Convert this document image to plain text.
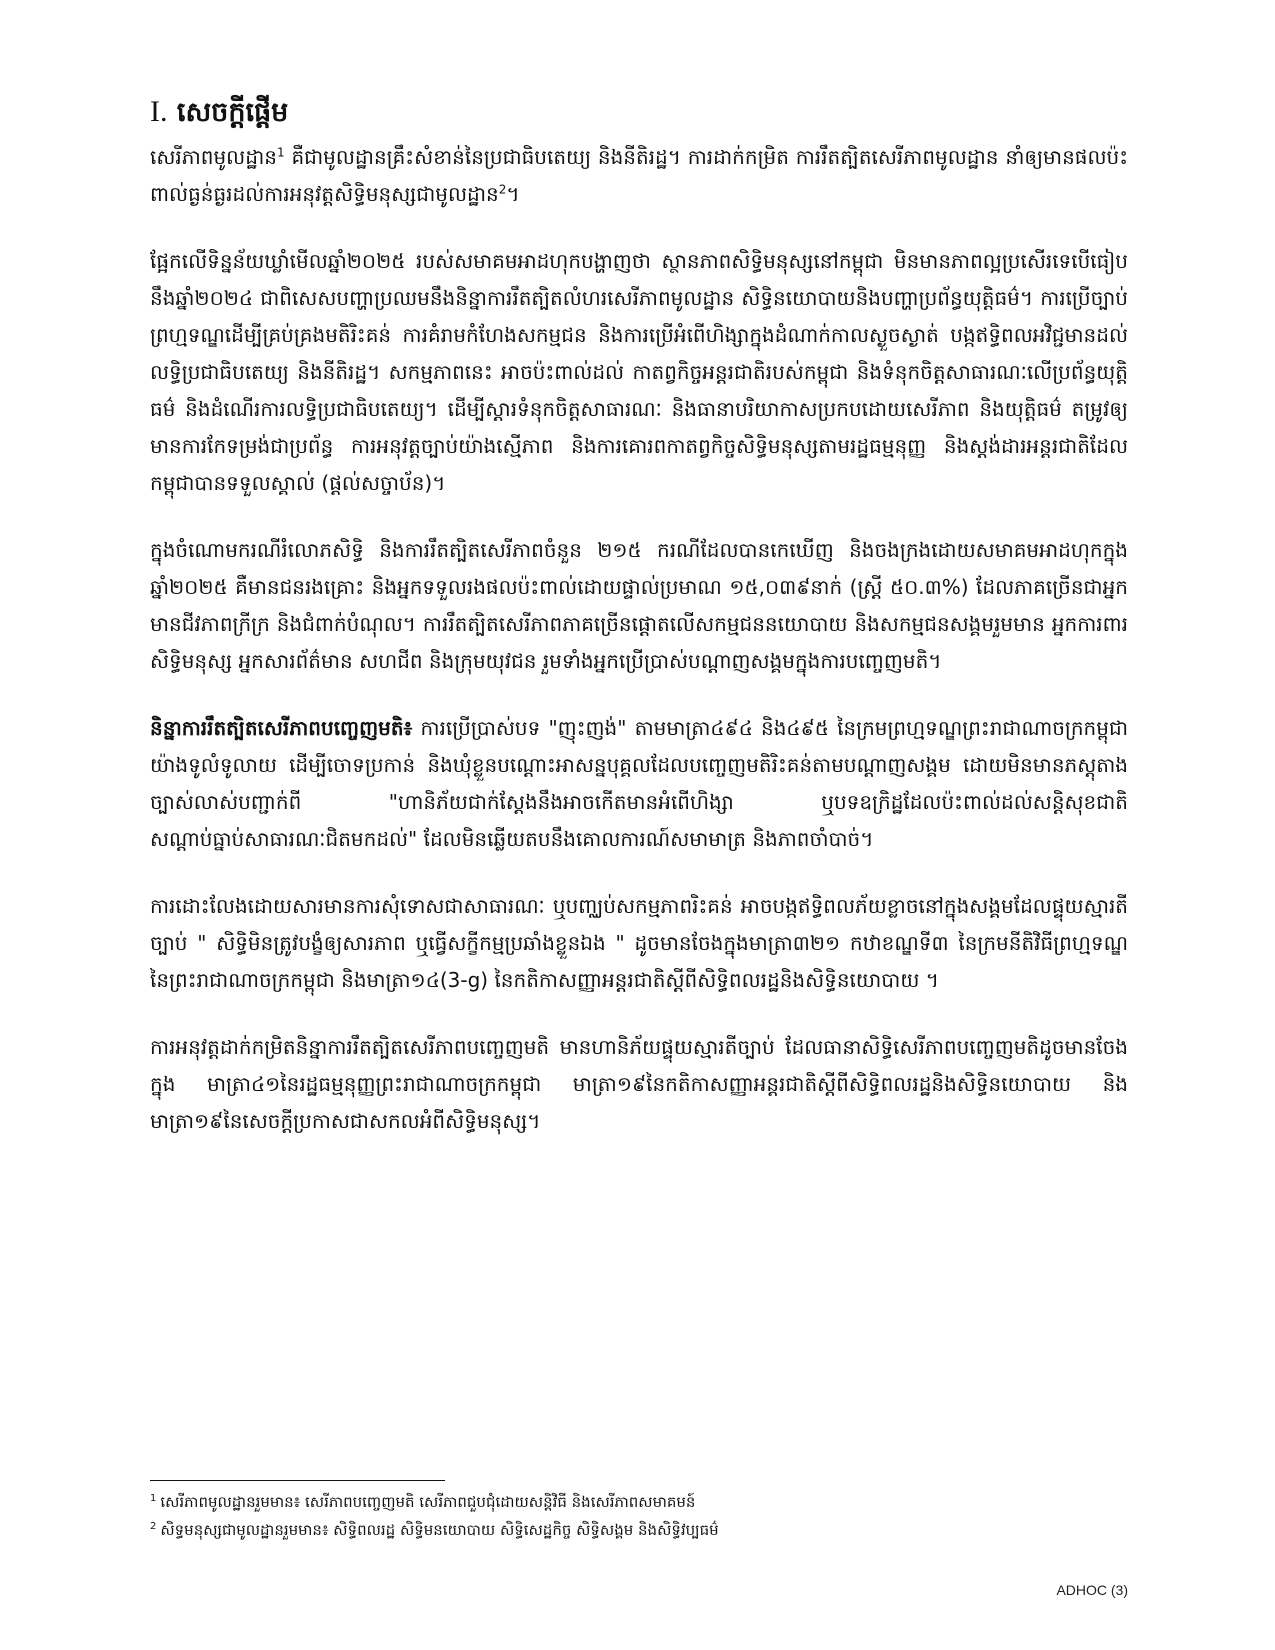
I. សេចក្តីផ្តើម

សេរីភាពមូលដ្ឋាន$^1$ គឺជាមូលដ្ឋានគ្រឹះសំខាន់នៃប្រជាធិបតេយ្យ និងនីតិរដ្ឋ។ ការដាក់កម្រិត ការរឹតត្បិតសេរីភាពមូលដ្ឋាន នាំឲ្យមានផលប៉ះពាល់ធ្ងន់ធ្ងរដល់ការអនុវត្តសិទ្ធិមនុស្សជាមូលដ្ឋាន$^2$។

ផ្អែកលើទិន្នន័យឃ្លាំមើលឆ្នាំ២០២៥ របស់សមាគមអាដហុកបង្ហាញថា ស្ថានភាពសិទ្ធិមនុស្សនៅកម្ពុជា មិនមានភាពល្អប្រសើរទេបើធៀបនឹងឆ្នាំ២០២៤ ជាពិសេសបញ្ហាប្រឈមនឹងនិន្នាការរឹតត្បិតលំហរសេរីភាពមូលដ្ឋាន សិទ្ធិនយោបាយនិងបញ្ហាប្រព័ន្ធយុត្តិធម៌។ ការប្រើច្បាប់ព្រហ្មទណ្ឌដើម្បីគ្រប់គ្រងមតិរិះគន់ ការគំរាមកំហែងសកម្មជន និងការប្រើអំពើហិង្សាក្នុងដំណាក់កាលស្ងួចស្ងាត់ បង្កឥទ្ធិពលអវិជ្ជមានដល់លទ្ធិប្រជាធិបតេយ្យ និងនីតិរដ្ឋ។ សកម្មភាពនេះ អាចប៉ះពាល់ដល់ កាតព្វកិច្ចអន្តរជាតិរបស់កម្ពុជា និងទំនុកចិត្តសាធារណៈលើប្រព័ន្ធយុត្តិធម៌ និងដំណើរការលទ្ធិប្រជាធិបតេយ្យ។ ដើម្បីស្តារទំនុកចិត្តសាធារណៈ និងធានាបរិយាកាសប្រកបដោយសេរីភាព និងយុត្តិធម៌ តម្រូវឲ្យមានការកែទម្រង់ជាប្រព័ន្ធ ការអនុវត្តច្បាប់យ៉ាងស្មើភាព និងការគោរពកាតព្វកិច្ចសិទ្ធិមនុស្សតាមរដ្ឋធម្មនុញ្ញ និងស្តង់ដារអន្តរជាតិដែលកម្ពុជាបានទទួលស្គាល់ (ផ្តល់សច្ចាប័ន)។

ក្នុងចំណោមករណីរំលោភសិទ្ធិ និងការរឹតត្បិតសេរីភាពចំនួន ២១៥ ករណីដែលបានកេឃើញ និងចងក្រងដោយសមាគមអាដហុកក្នុងឆ្នាំ២០២៥ គឺមានជនរងគ្រោះ និងអ្នកទទួលរងផលប៉ះពាល់ដោយផ្ទាល់ប្រមាណ ១៥,០៣៩នាក់ (ស្ត្រី ៥០.៣%) ដែលភាគច្រើនជាអ្នកមានជីវភាពក្រីក្រ និងជំពាក់បំណុល។ ការរឹតត្បិតសេរីភាពភាគច្រើនផ្តោតលើសកម្មជននយោបាយ និងសកម្មជនសង្គមរួមមាន អ្នកការពារសិទ្ធិមនុស្ស អ្នកសារព័ត៌មាន សហជីព និងក្រុមយុវជន រួមទាំងអ្នកប្រើប្រាស់បណ្តាញសង្គមក្នុងការបញ្ចេញមតិ។

និន្នាការរឹតត្បិតសេរីភាពបញ្ចេញមតិ៖ ការប្រើប្រាស់បទ "ញុះញង់" តាមមាត្រា៤៩៤ និង៤៩៥ នៃក្រមព្រហ្មទណ្ឌព្រះរាជាណាចក្រកម្ពុជា យ៉ាងទូលំទូលាយ ដើម្បីចោទប្រកាន់ និងឃុំខ្លួនបណ្តោះអាសន្នបុគ្គលដែលបញ្ចេញមតិរិះគន់តាមបណ្តាញសង្គម ដោយមិនមានភស្តុតាងច្បាស់លាស់បញ្ជាក់ពី "ហានិភ័យជាក់ស្តែងនឹងអាចកើតមានអំពើហិង្សា ឬបទឧក្រិដ្ឋដែលប៉ះពាល់ដល់សន្តិសុខជាតិ សណ្តាប់ធ្នាប់សាធារណៈជិតមកដល់" ដែលមិនឆ្លើយតបនឹងគោលការណ៍សមាមាត្រ និងភាពចាំបាច់។

ការដោះលែងដោយសារមានការសុំទោសជាសាធារណៈ ឬបញ្ឈប់សកម្មភាពរិះគន់ អាចបង្កឥទ្ធិពលភ័យខ្លាចនៅក្នុងសង្គមដែលផ្ទុយស្មារតីច្បាប់ " សិទ្ធិមិនត្រូវបង្ខំឲ្យសារភាព ឬធ្វើសក្ខីកម្មប្រឆាំងខ្លួនឯង " ដូចមានចែងក្នុងមាត្រា៣២១ កឋាខណ្ឌទី៣ នៃក្រមនីតិវិធីព្រហ្មទណ្ឌ នៃព្រះរាជាណាចក្រកម្ពុជា និងមាត្រា១៤(3-g) នៃកតិកាសញ្ញាអន្តរជាតិស្តីពីសិទ្ធិពលរដ្ឋនិងសិទ្ធិនយោបាយ ។

ការអនុវត្តដាក់កម្រិតនិន្នាការរឹតត្បិតសេរីភាពបញ្ចេញមតិ មានហានិភ័យផ្ទុយស្មារតីច្បាប់ ដែលធានាសិទ្ធិសេរីភាពបញ្ចេញមតិដូចមានចែងក្នុង មាត្រា៤១នៃរដ្ឋធម្មនុញ្ញព្រះរាជាណាចក្រកម្ពុជា មាត្រា១៩នៃកតិកាសញ្ញាអន្តរជាតិស្តីពីសិទ្ធិពលរដ្ឋនិងសិទ្ធិនយោបាយ និងមាត្រា១៩នៃសេចក្តីប្រកាសជាសកលអំពីសិទ្ធិមនុស្ស។

$^1$ សេរីភាពមូលដ្ឋានរួមមាន៖ សេរីភាពបញ្ចេញមតិ សេរីភាពជួបជុំដោយសន្តិវិធី និងសេរីភាពសមាគមន៍

$^2$ សិទ្ធមនុស្សជាមូលដ្ឋានរួមមាន៖ សិទ្ធិពលរដ្ឋ សិទ្ធិមនយោបាយ សិទ្ធិសេដ្ឋកិច្ច សិទ្ធិសង្គម និងសិទ្ធិវប្បធម៌

ADHOC (3)
